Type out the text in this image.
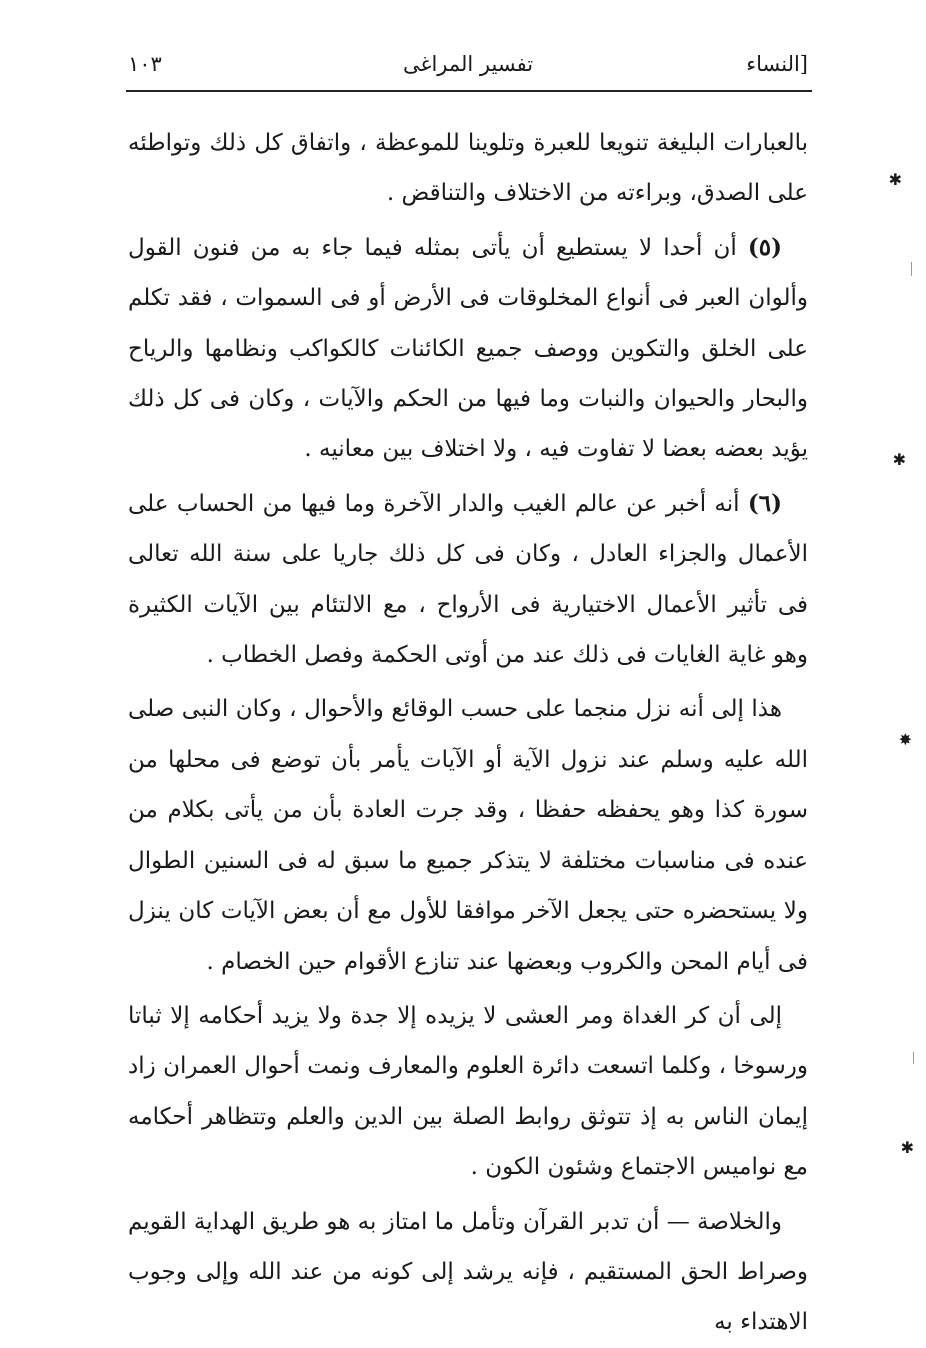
[النساء
تفسير المراغى
١٠٣

بالعبارات البليغة تنويعا للعبرة وتلوينا للموعظة ، واتفاق كل ذلك وتواطئه على الصدق، وبراءته من الاختلاف والتناقض .

(٥) أن أحدا لا يستطيع أن يأتى بمثله فيما جاء به من فنون القول وألوان العبر فى أنواع المخلوقات فى الأرض أو فى السموات ، فقد تكلم على الخلق والتكوين ووصف جميع الكائنات كالكواكب ونظامها والرياح والبحار والحيوان والنبات وما فيها من الحكم والآيات ، وكان فى كل ذلك يؤيد بعضه بعضا لا تفاوت فيه ، ولا اختلاف بين معانيه .

(٦) أنه أخبر عن عالم الغيب والدار الآخرة وما فيها من الحساب على الأعمال والجزاء العادل ، وكان فى كل ذلك جاريا على سنة الله تعالى فى تأثير الأعمال الاختيارية فى الأرواح ، مع الالتئام بين الآيات الكثيرة وهو غاية الغايات فى ذلك عند من أوتى الحكمة وفصل الخطاب .

هذا إلى أنه نزل منجما على حسب الوقائع والأحوال ، وكان النبى صلى الله عليه وسلم عند نزول الآية أو الآيات يأمر بأن توضع فى محلها من سورة كذا وهو يحفظه حفظا ، وقد جرت العادة بأن من يأتى بكلام من عنده فى مناسبات مختلفة لا يتذكر جميع ما سبق له فى السنين الطوال ولا يستحضره حتى يجعل الآخر موافقا للأول مع أن بعض الآيات كان ينزل فى أيام المحن والكروب وبعضها عند تنازع الأقوام حين الخصام .

إلى أن كر الغداة ومر العشى لا يزيده إلا جدة ولا يزيد أحكامه إلا ثباتا ورسوخا ، وكلما اتسعت دائرة العلوم والمعارف ونمت أحوال العمران زاد إيمان الناس به إذ تتوثق روابط الصلة بين الدين والعلم وتتظاهر أحكامه مع نواميس الاجتماع وشئون الكون .

والخلاصة — أن تدبر القرآن وتأمل ما امتاز به هو طريق الهداية القويم وصراط الحق المستقيم ، فإنه يرشد إلى كونه من عند الله وإلى وجوب الاهتداء به

✱
✱
✸
✱
